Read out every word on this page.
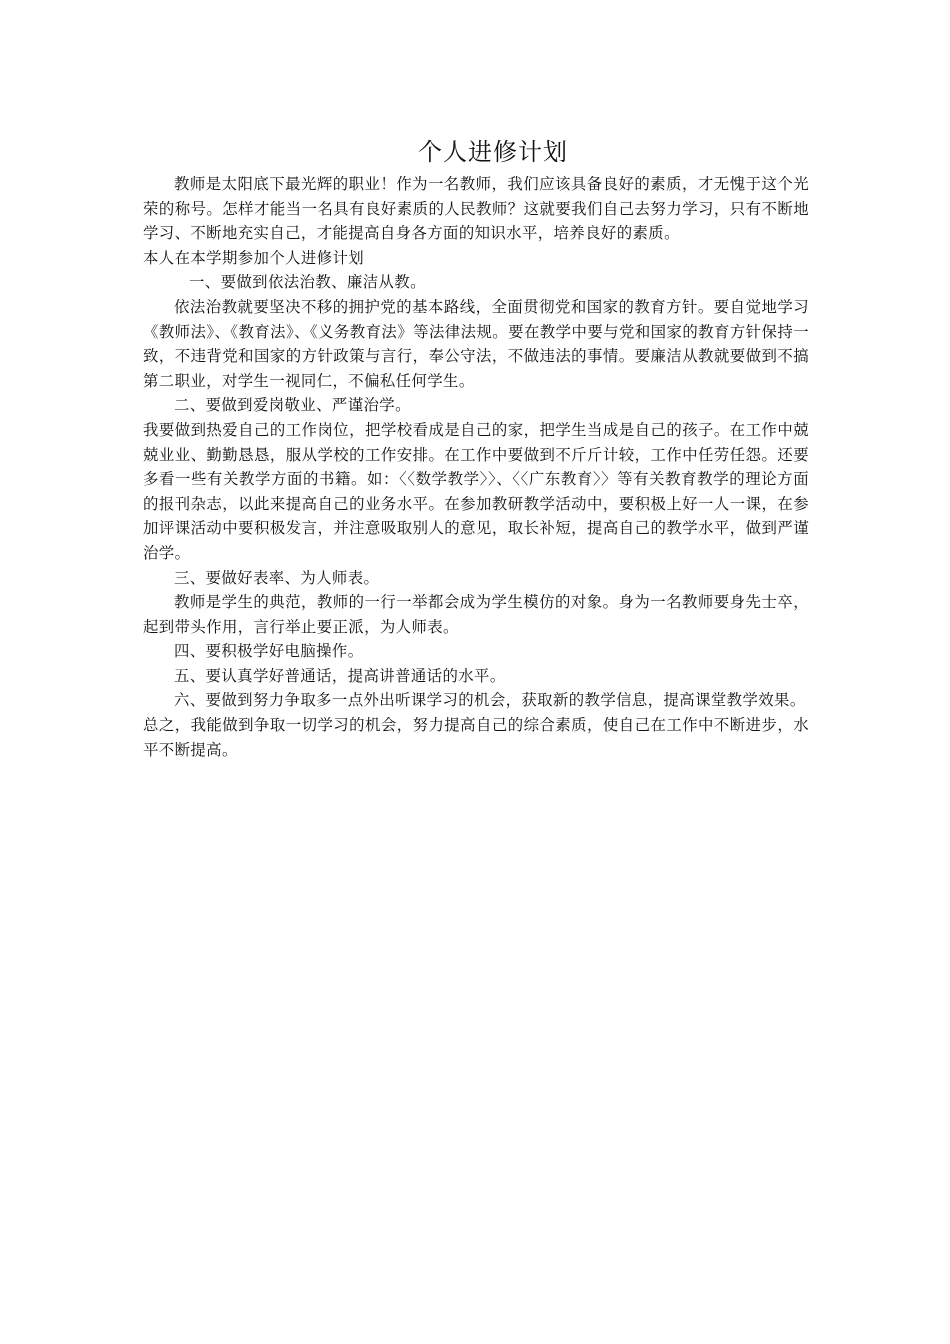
个人进修计划

教师是太阳底下最光辉的职业！作为一名教师，我们应该具备良好的素质，才无愧于这个光荣的称号。怎样才能当一名具有良好素质的人民教师？这就要我们自己去努力学习，只有不断地学习、不断地充实自己，才能提高自身各方面的知识水平，培养良好的素质。

本人在本学期参加个人进修计划

一、要做到依法治教、廉洁从教。

依法治教就要坚决不移的拥护党的基本路线，全面贯彻党和国家的教育方针。要自觉地学习《教师法》、《教育法》、《义务教育法》等法律法规。要在教学中要与党和国家的教育方针保持一致，不违背党和国家的方针政策与言行，奉公守法，不做违法的事情。要廉洁从教就要做到不搞第二职业，对学生一视同仁，不偏私任何学生。

二、要做到爱岗敬业、严谨治学。

我要做到热爱自己的工作岗位，把学校看成是自己的家，把学生当成是自己的孩子。在工作中兢兢业业、勤勤恳恳，服从学校的工作安排。在工作中要做到不斤斤计较，工作中任劳任怨。还要多看一些有关教学方面的书籍。如：〈〈数学教学〉〉、〈〈广东教育〉〉等有关教育教学的理论方面的报刊杂志，以此来提高自己的业务水平。在参加教研教学活动中，要积极上好一人一课，在参加评课活动中要积极发言，并注意吸取别人的意见，取长补短，提高自己的教学水平，做到严谨治学。

三、要做好表率、为人师表。

教师是学生的典范，教师的一行一举都会成为学生模仿的对象。身为一名教师要身先士卒，起到带头作用，言行举止要正派，为人师表。

四、要积极学好电脑操作。

五、要认真学好普通话，提高讲普通话的水平。

六、要做到努力争取多一点外出听课学习的机会，获取新的教学信息，提高课堂教学效果。

总之，我能做到争取一切学习的机会，努力提高自己的综合素质，使自己在工作中不断进步，水平不断提高。
